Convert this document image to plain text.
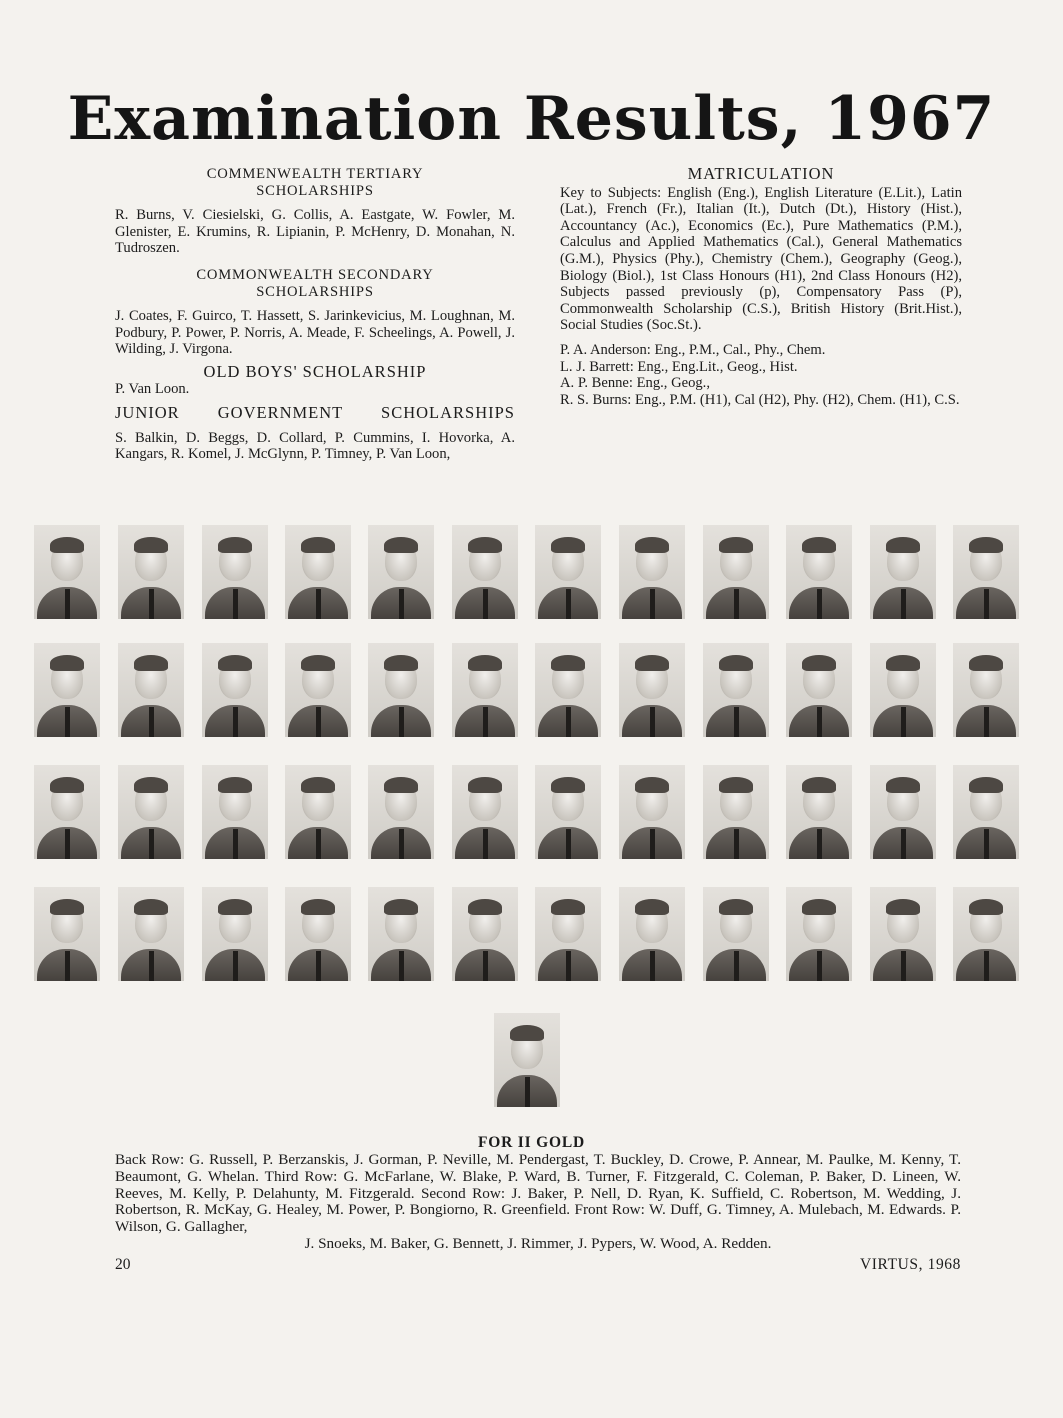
Examination Results, 1967
COMMENWEALTH TERTIARY SCHOLARSHIPS

R. Burns, V. Ciesielski, G. Collis, A. Eastgate, W. Fowler, M. Glenister, E. Krumins, R. Lipianin, P. McHenry, D. Monahan, N. Tudroszen.

COMMONWEALTH SECONDARY SCHOLARSHIPS

J. Coates, F. Guirco, T. Hassett, S. Jarinkevicius, M. Loughnan, M. Podbury, P. Power, P. Norris, A. Meade, F. Scheelings, A. Powell, J. Wilding, J. Virgona.

OLD BOYS' SCHOLARSHIP

P. Van Loon.

JUNIOR GOVERNMENT SCHOLARSHIPS

S. Balkin, D. Beggs, D. Collard, P. Cummins, I. Hovorka, A. Kangars, R. Komel, J. McGlynn, P. Timney, P. Van Loon,

MATRICULATION

Key to Subjects: English (Eng.), English Literature (E.Lit.), Latin (Lat.), French (Fr.), Italian (It.), Dutch (Dt.), History (Hist.), Accountancy (Ac.), Economics (Ec.), Pure Mathematics (P.M.), Calculus and Applied Mathematics (Cal.), General Mathematics (G.M.), Physics (Phy.), Chemistry (Chem.), Geography (Geog.), Biology (Biol.), 1st Class Honours (H1), 2nd Class Honours (H2), Subjects passed previously (p), Compensatory Pass (P), Commonwealth Scholarship (C.S.), British History (Brit.Hist.), Social Studies (Soc.St.).

P. A. Anderson: Eng., P.M., Cal., Phy., Chem.
L. J. Barrett: Eng., Eng.Lit., Geog., Hist.
A. P. Benne: Eng., Geog.,
R. S. Burns: Eng., P.M. (H1), Cal (H2), Phy. (H2), Chem. (H1), C.S.
FOR II GOLD
Back Row: G. Russell, P. Berzanskis, J. Gorman, P. Neville, M. Pendergast, T. Buckley, D. Crowe, P. Annear, M. Paulke, M. Kenny, T. Beaumont, G. Whelan. Third Row: G. McFarlane, W. Blake, P. Ward, B. Turner, F. Fitzgerald, C. Coleman, P. Baker, D. Lineen, W. Reeves, M. Kelly, P. Delahunty, M. Fitzgerald. Second Row: J. Baker, P. Nell, D. Ryan, K. Suffield, C. Robertson, M. Wedding, J. Robertson, R. McKay, G. Healey, M. Power, P. Bongiorno, R. Greenfield. Front Row: W. Duff, G. Timney, A. Mulebach, M. Edwards. P. Wilson, G. Gallagher,
J. Snoeks, M. Baker, G. Bennett, J. Rimmer, J. Pypers, W. Wood, A. Redden.
20	VIRTUS, 1968
